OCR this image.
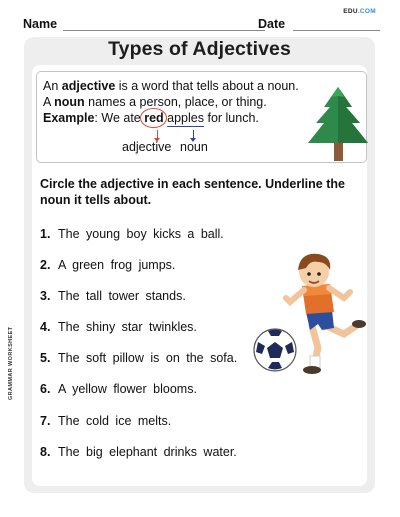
Name	Date
EDU.COM
Types of Adjectives
An adjective is a word that tells about a noun.
A noun names a person, place, or thing.
Example: We ate
red apples
for lunch.
adjective noun
Circle the adjective in each sentence. Underline the noun it tells about.
1. The young boy kicks a ball.
2. A green frog jumps.
3. The tall tower stands.
4. The shiny star twinkles.
5. The soft pillow is on the sofa.
6. A yellow flower blooms.
7. The cold ice melts.
8. The big elephant drinks water.
GRAMMAR WORKSHEET
